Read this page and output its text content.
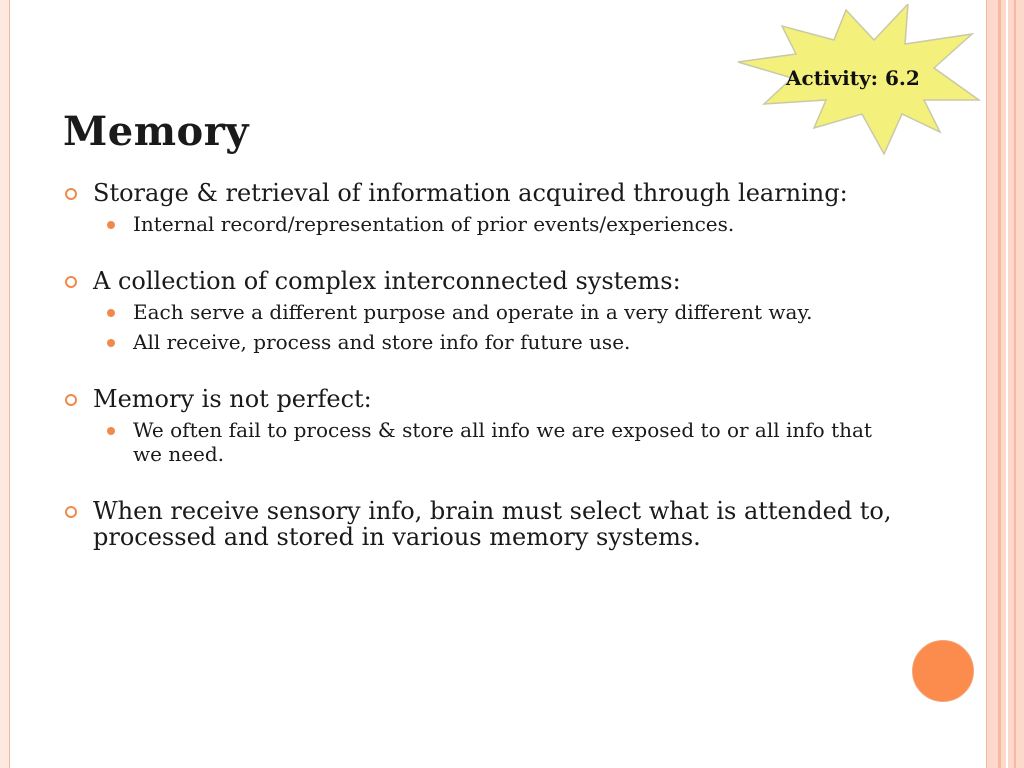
Activity: 6.2
Memory
Storage & retrieval of information acquired through learning:
Internal record/representation of prior events/experiences.
A collection of complex interconnected systems:
Each serve a different purpose and operate in a very different way.
All receive, process and store info for future use.
Memory is not perfect:
We often fail to process & store all info we are exposed to or all info that we need.
When receive sensory info, brain must select what is attended to, processed and stored in various memory systems.
